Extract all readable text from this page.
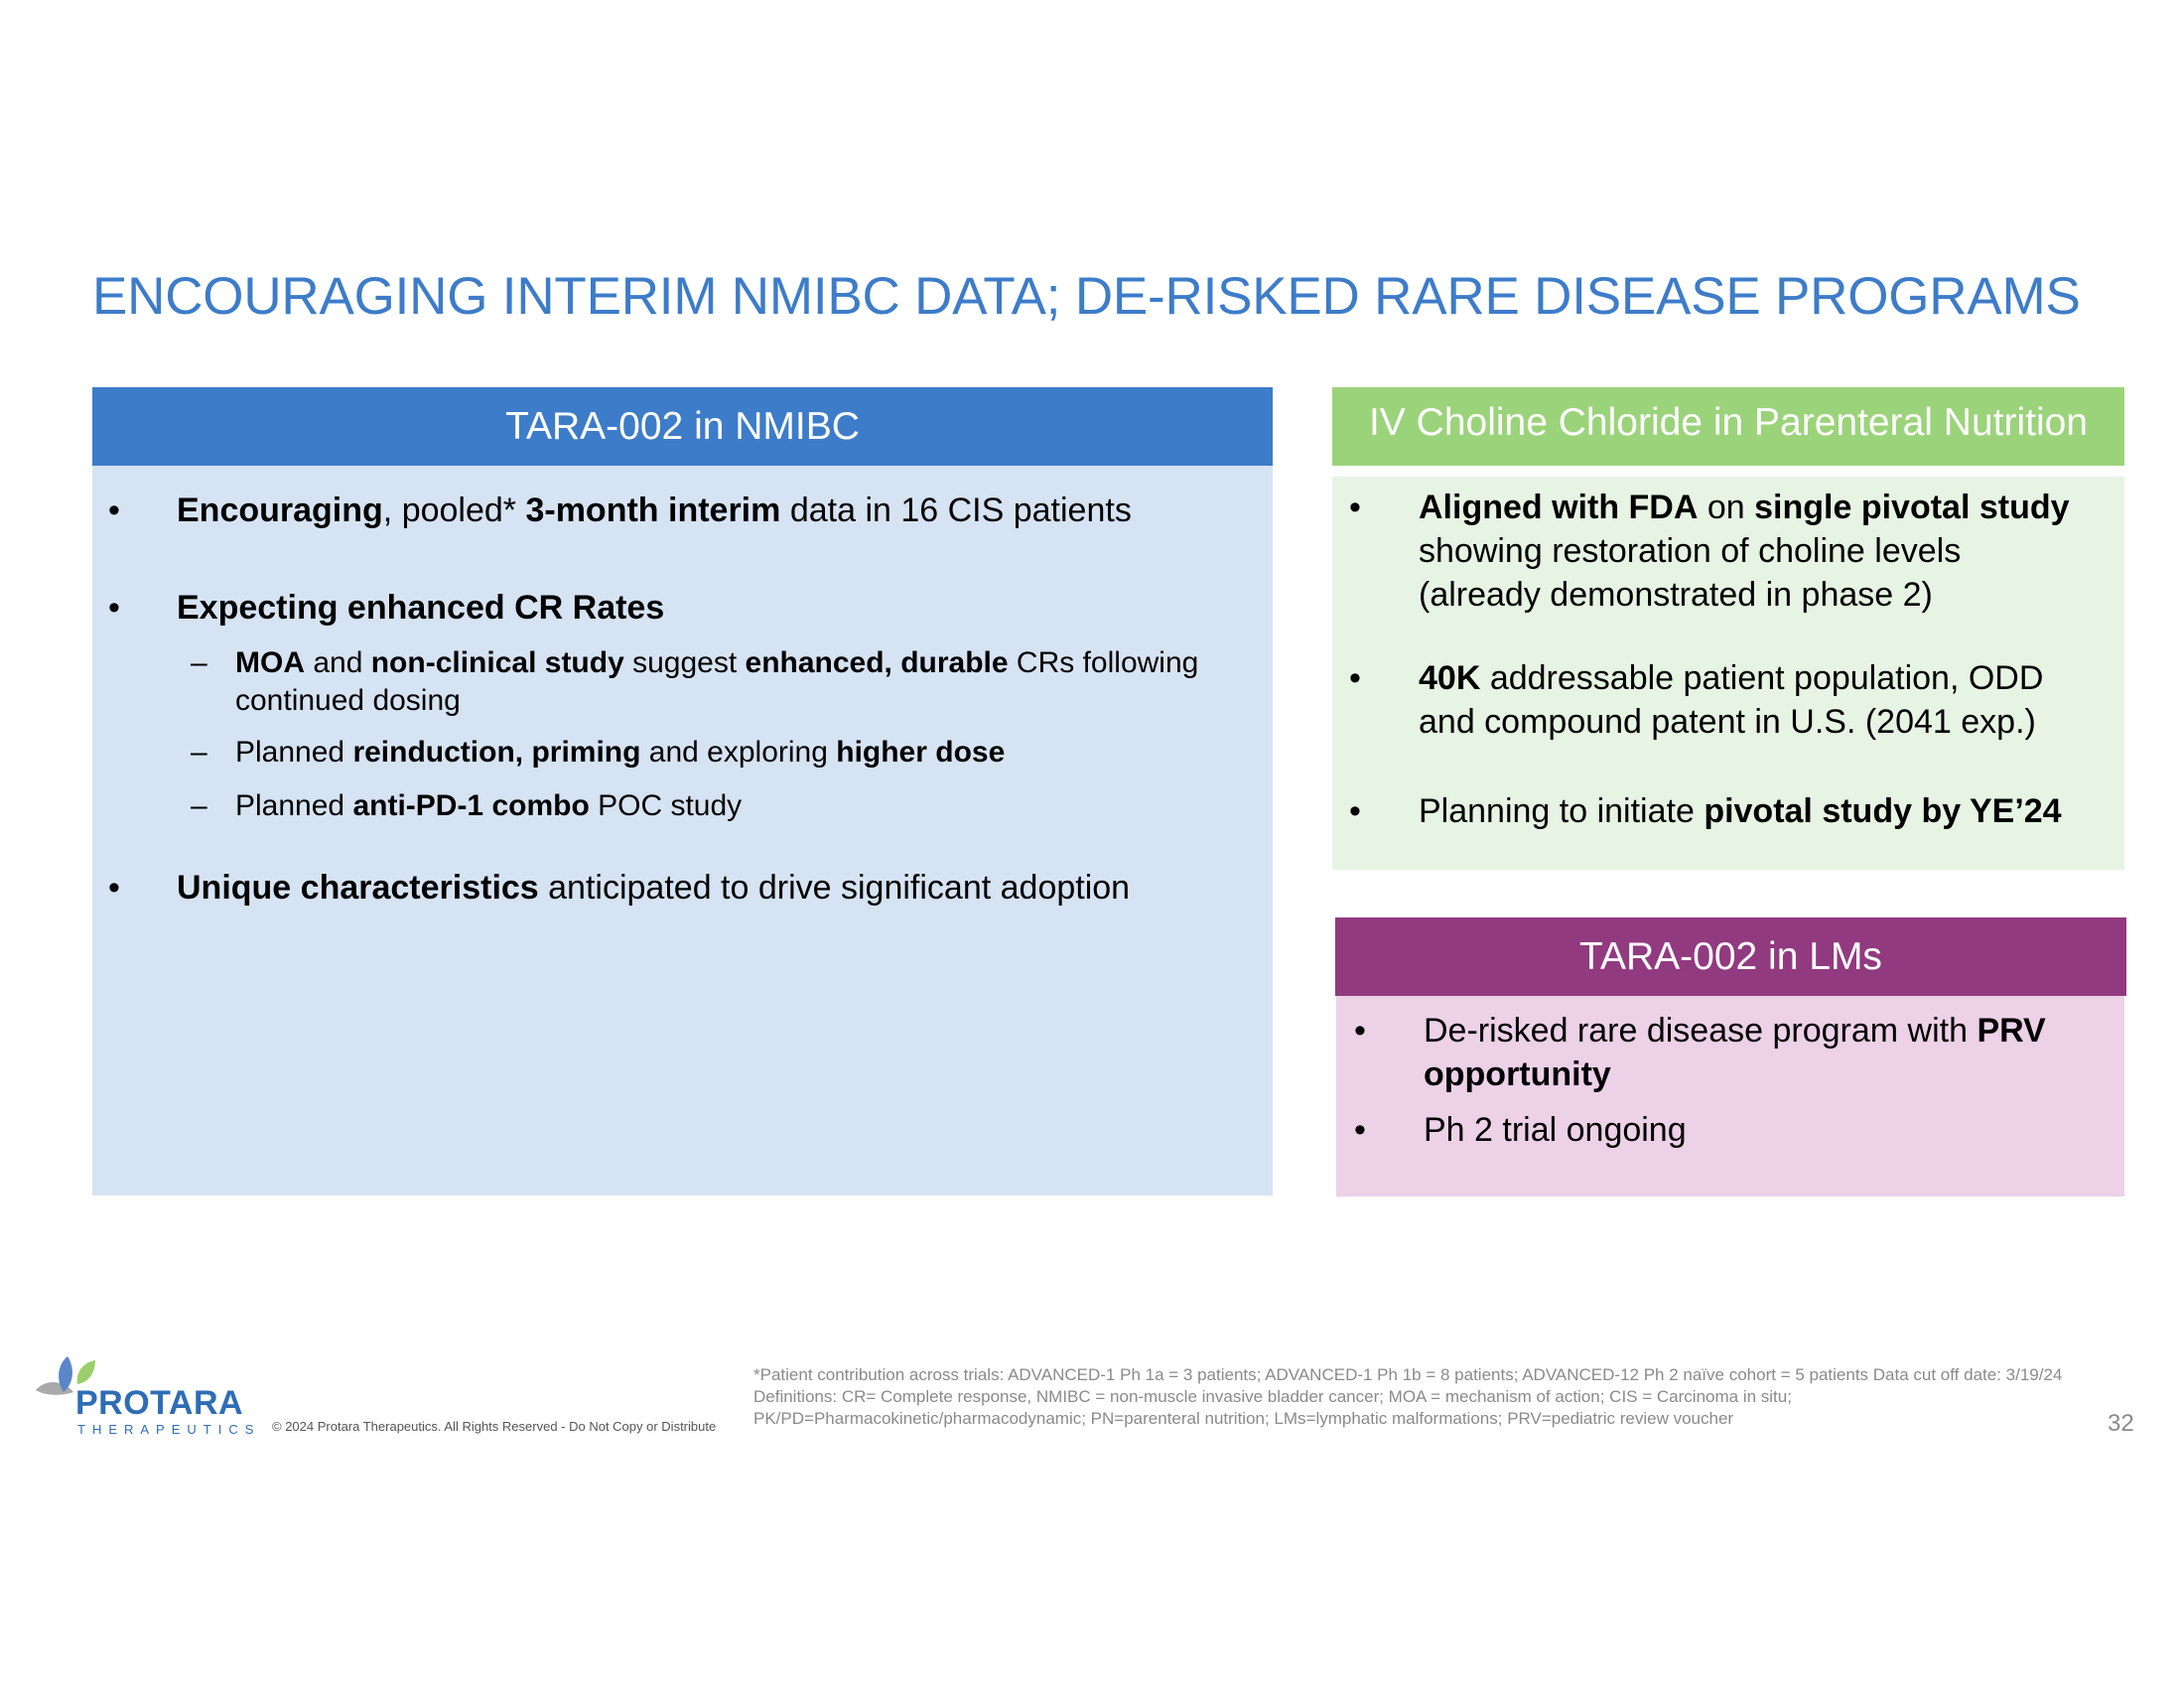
ENCOURAGING INTERIM NMIBC DATA; DE-RISKED RARE DISEASE PROGRAMS
TARA-002 in NMIBC
• Encouraging, pooled* 3-month interim data in 16 CIS patients
• Expecting enhanced CR Rates
– MOA and non-clinical study suggest enhanced, durable CRs following
continued dosing
– Planned reinduction, priming and exploring higher dose
– Planned anti-PD-1 combo POC study
• Unique characteristics anticipated to drive significant adoption
IV Choline Chloride in Parenteral Nutrition
• Aligned with FDA on single pivotal study
showing restoration of choline levels
(already demonstrated in phase 2)
• 40K addressable patient population, ODD
and compound patent in U.S. (2041 exp.)
• Planning to initiate pivotal study by YE’24
TARA-002 in LMs
• De-risked rare disease program with PRV
opportunity
• Ph 2 trial ongoing
PROTARA
THERAPEUTICS © 2024 Protara Therapeutics. All Rights Reserved - Do Not Copy or Distribute
*Patient contribution across trials: ADVANCED-1 Ph 1a = 3 patients; ADVANCED-1 Ph 1b = 8 patients; ADVANCED-12 Ph 2 naïve cohort = 5 patients Data cut off date: 3/19/24
Definitions: CR= Complete response, NMIBC = non-muscle invasive bladder cancer; MOA = mechanism of action; CIS = Carcinoma in situ; PK/PD=Pharmacokinetic/pharmacodynamic; PN=parenteral nutrition; LMs=lymphatic malformations; PRV=pediatric review voucher	32
